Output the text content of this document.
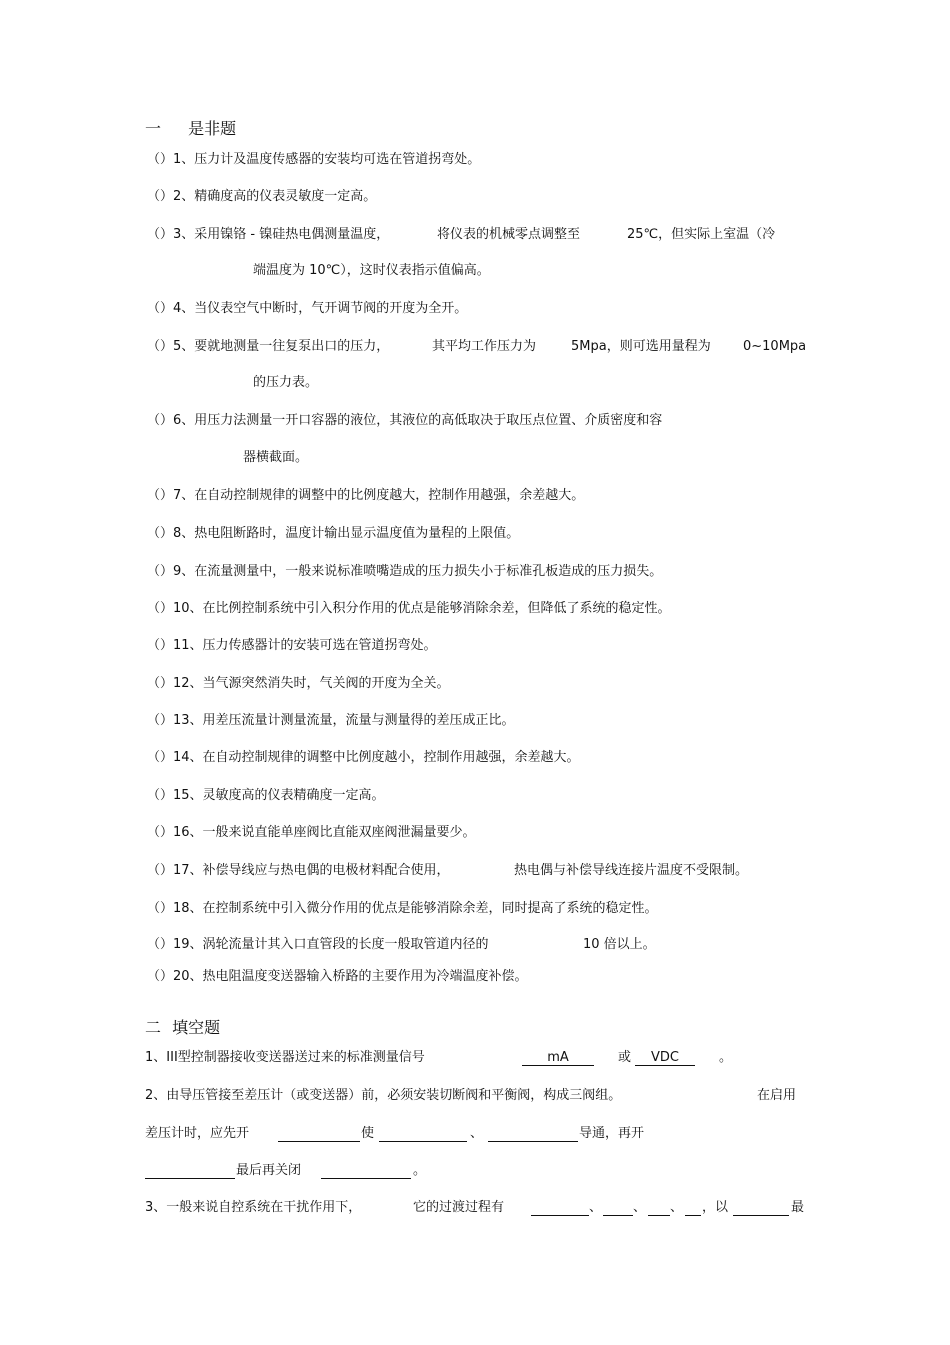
一 是非题
（）1、压力计及温度传感器的安装均可选在管道拐弯处。
（）2、精确度高的仪表灵敏度一定高。
（）3、采用镍铬 - 镍硅热电偶测量温度，	将仪表的机械零点调整至	25℃，但实际上室温（冷
端温度为 10℃），这时仪表指示值偏高。
（）4、当仪表空气中断时，气开调节阀的开度为全开。
（）5、要就地测量一往复泵出口的压力，	其平均工作压力为	5Mpa，则可选用量程为 0~10Mpa
的压力表。
（）6、用压力法测量一开口容器的液位，其液位的高低取决于取压点位置、介质密度和容
器横截面。
（）7、在自动控制规律的调整中的比例度越大，控制作用越强，余差越大。
（）8、热电阻断路时，温度计输出显示温度值为量程的上限值。
（）9、在流量测量中，一般来说标准喷嘴造成的压力损失小于标准孔板造成的压力损失。
（）10、在比例控制系统中引入积分作用的优点是能够消除余差，但降低了系统的稳定性。
（）11、压力传感器计的安装可选在管道拐弯处。
（）12、当气源突然消失时，气关阀的开度为全关。
（）13、用差压流量计测量流量，流量与测量得的差压成正比。
（）14、在自动控制规律的调整中比例度越小，控制作用越强，余差越大。
（）15、灵敏度高的仪表精确度一定高。
（）16、一般来说直能单座阀比直能双座阀泄漏量要少。
（）17、补偿导线应与热电偶的电极材料配合使用，	热电偶与补偿导线连接片温度不受限制。
（）18、在控制系统中引入微分作用的优点是能够消除余差，同时提高了系统的稳定性。
（）19、涡轮流量计其入口直管段的长度一般取管道内径的	10 倍以上。
（）20、热电阻温度变送器输入桥路的主要作用为冷端温度补偿。
二 填空题
1、III型控制器接收变送器送过来的标准测量信号	mA	或	VDC	。
2、由导压管接至差压计（或变送器）前，必须安装切断阀和平衡阀，构成三阀组。	在启用
差压计时，应先开	使	、	导通，再开
最后再关闭	。
3、一般来说自控系统在干扰作用下，	它的过渡过程有	、 、 、 ，以	最
